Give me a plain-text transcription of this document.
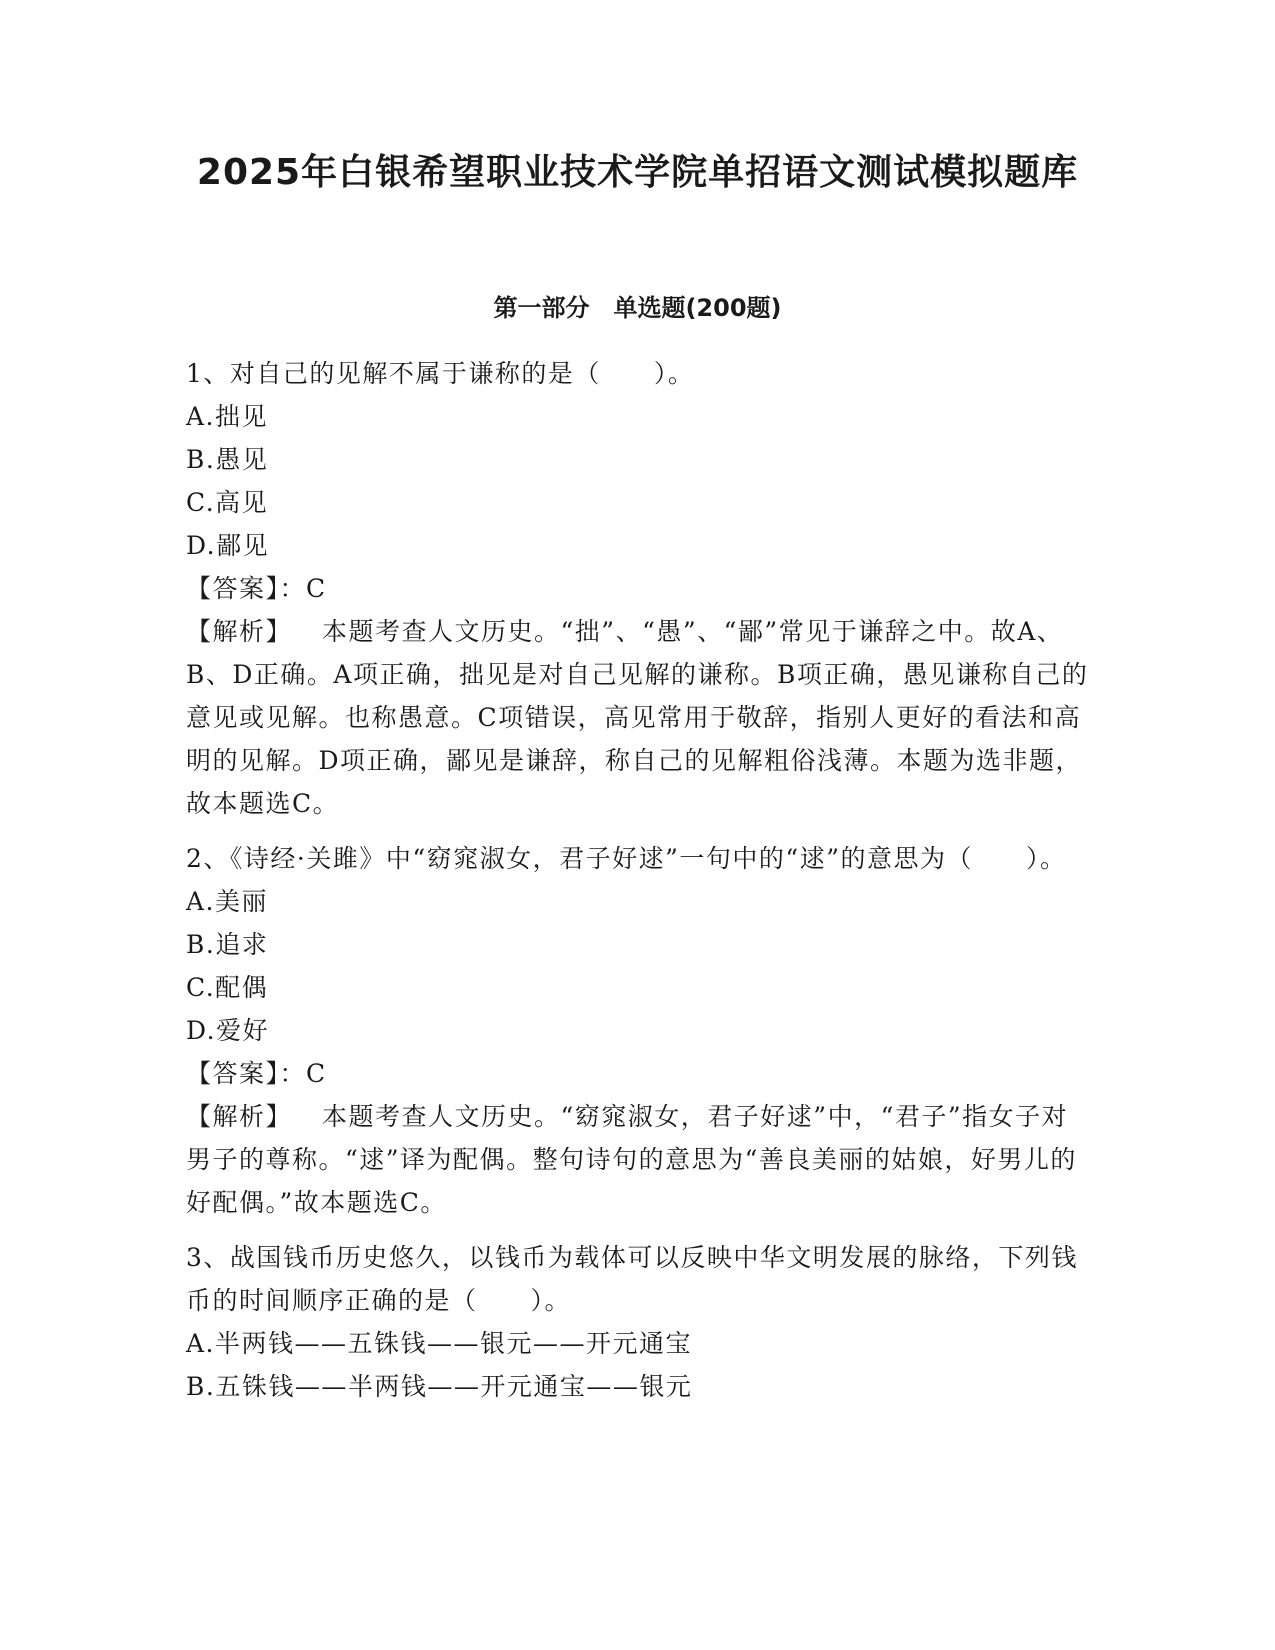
2025年白银希望职业技术学院单招语文测试模拟题库
第一部分　单选题(200题)
1、对自己的见解不属于谦称的是（　　）。
A.拙见
B.愚见
C.高见
D.鄙见
【答案】：C
【解析】 本题考查人文历史。“拙”、“愚”、“鄙”常见于谦辞之中。故A、B、D正确。A项正确，拙见是对自己见解的谦称。B项正确，愚见谦称自己的意见或见解。也称愚意。C项错误，高见常用于敬辞，指别人更好的看法和高明的见解。D项正确，鄙见是谦辞，称自己的见解粗俗浅薄。本题为选非题，故本题选C。
2、《诗经·关雎》中“窈窕淑女，君子好逑”一句中的“逑”的意思为（　　）。
A.美丽
B.追求
C.配偶
D.爱好
【答案】：C
【解析】 本题考查人文历史。“窈窕淑女，君子好逑”中，“君子”指女子对男子的尊称。“逑”译为配偶。整句诗句的意思为“善良美丽的姑娘，好男儿的好配偶。”故本题选C。
3、战国钱币历史悠久，以钱币为载体可以反映中华文明发展的脉络，下列钱币的时间顺序正确的是（　　）。
A.半两钱——五铢钱——银元——开元通宝
B.五铢钱——半两钱——开元通宝——银元
